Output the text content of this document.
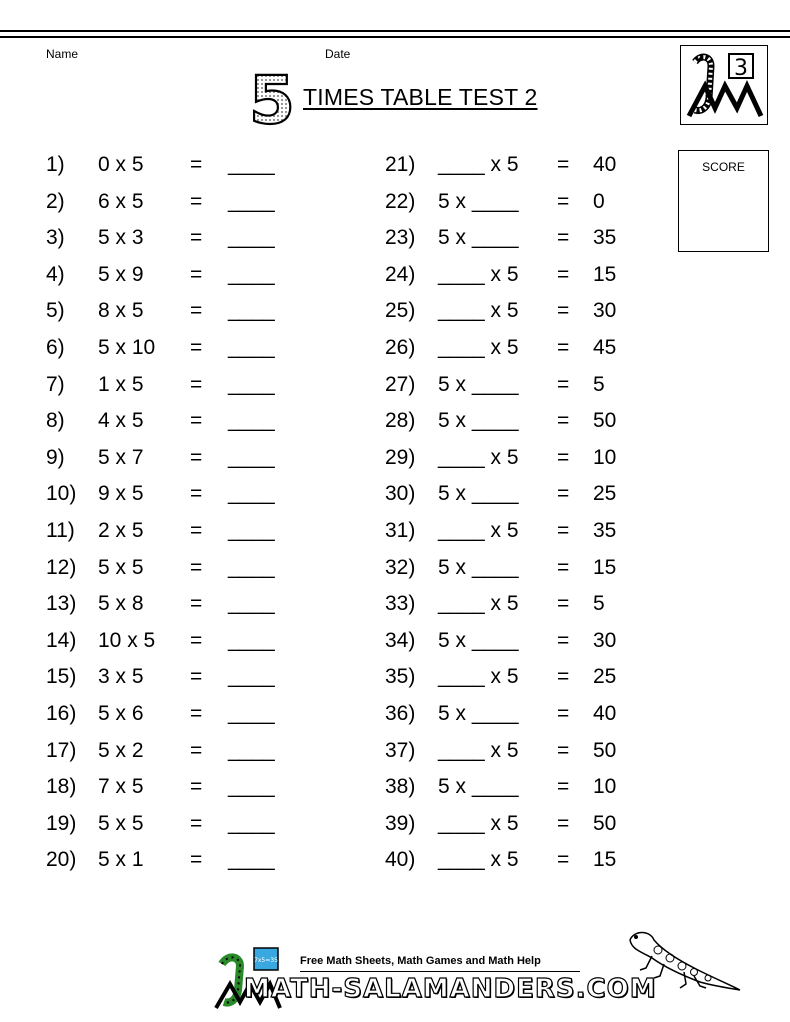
Name	Date
5 TIMES TABLE TEST 2
3
SCORE
1) 0 x 5 = ____
2) 6 x 5 = ____
3) 5 x 3 = ____
4) 5 x 9 = ____
5) 8 x 5 = ____
6) 5 x 10 = ____
7) 1 x 5 = ____
8) 4 x 5 = ____
9) 5 x 7 = ____
10) 9 x 5 = ____
11) 2 x 5 = ____
12) 5 x 5 = ____
13) 5 x 8 = ____
14) 10 x 5 = ____
15) 3 x 5 = ____
16) 5 x 6 = ____
17) 5 x 2 = ____
18) 7 x 5 = ____
19) 5 x 5 = ____
20) 5 x 1 = ____
21) ____ x 5 = 40
22) 5 x ____ = 0
23) 5 x ____ = 35
24) ____ x 5 = 15
25) ____ x 5 = 30
26) ____ x 5 = 45
27) 5 x ____ = 5
28) 5 x ____ = 50
29) ____ x 5 = 10
30) 5 x ____ = 25
31) ____ x 5 = 35
32) 5 x ____ = 15
33) ____ x 5 = 5
34) 5 x ____ = 30
35) ____ x 5 = 25
36) 5 x ____ = 40
37) ____ x 5 = 50
38) 5 x ____ = 10
39) ____ x 5 = 50
40) ____ x 5 = 15
7x5=35 Free Math Sheets, Math Games and Math Help
MATH-SALAMANDERS.COM
